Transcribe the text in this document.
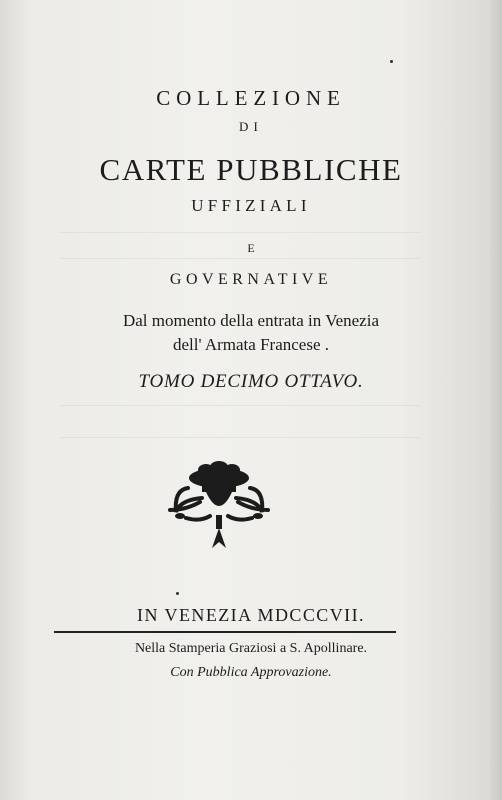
COLLEZIONE
DI
CARTE PUBBLICHE
UFFIZIALI
E
GOVERNATIVE
Dal momento della entrata in Venezia
dell' Armata Francese .
TOMO DECIMO OTTAVO.
IN VENEZIA MDCCCVII.
Nella Stamperia Graziosi a S. Apollinare.
Con Pubblica Approvazione.
